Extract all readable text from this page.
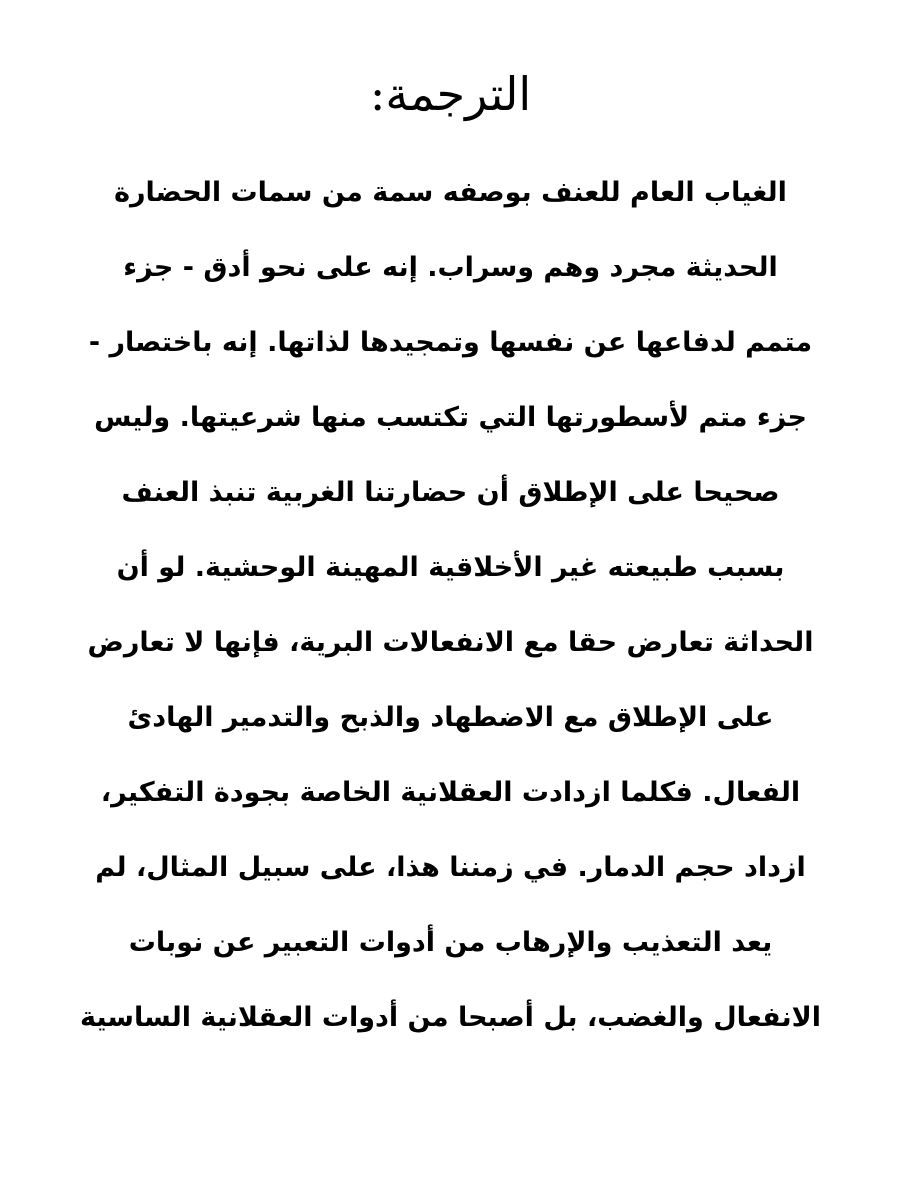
الترجمة:
الغياب العام للعنف بوصفه سمة من سمات الحضارة
الحديثة مجرد وهم وسراب. إنه على نحو أدق - جزء
متمم لدفاعها عن نفسها وتمجيدها لذاتها. إنه باختصار -
جزء متم لأسطورتها التي تكتسب منها شرعيتها. وليس
صحيحا على الإطلاق أن حضارتنا الغربية تنبذ العنف
بسبب طبيعته غير الأخلاقية المهينة الوحشية. لو أن
الحداثة تعارض حقا مع الانفعالات البرية، فإنها لا تعارض
على الإطلاق مع الاضطهاد والذبح والتدمير الهادئ
الفعال. فكلما ازدادت العقلانية الخاصة بجودة التفكير،
ازداد حجم الدمار. في زمننا هذا، على سبيل المثال، لم
يعد التعذيب والإرهاب من أدوات التعبير عن نوبات
الانفعال والغضب، بل أصبحا من أدوات العقلانية الساسية
